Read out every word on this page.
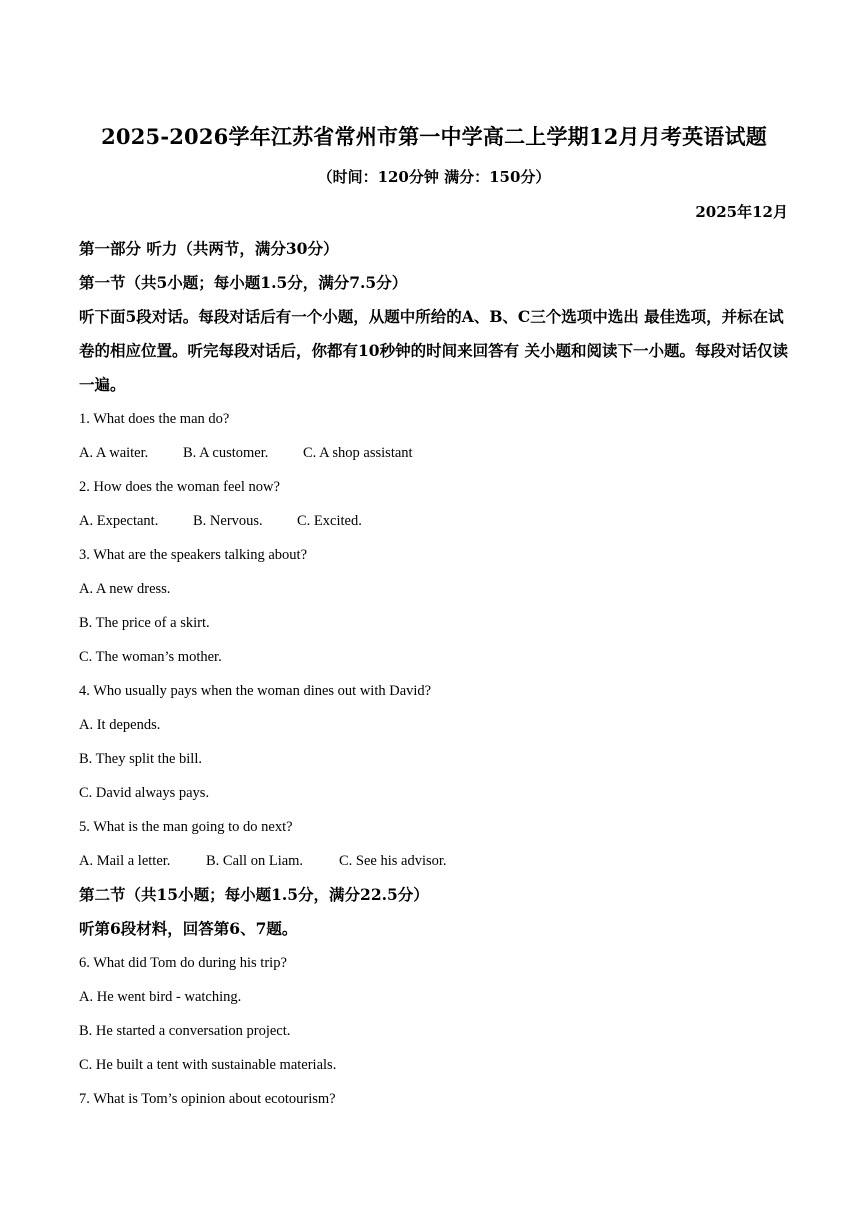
2025-2026学年江苏省常州市第一中学高二上学期12月月考英语试题
（时间：120分钟 满分：150分）
2025年12月
第一部分 听力（共两节，满分30分）
第一节（共5小题；每小题1.5分，满分7.5分）

听下面5段对话。每段对话后有一个小题，从题中所给的A、B、C三个选项中选出 最佳选项，并标在试卷的相应位置。听完每段对话后，你都有10秒钟的时间来回答有 关小题和阅读下一小题。每段对话仅读一遍。

1. What does the man do?
A. A waiter. B. A customer. C. A shop assistant
2. How does the woman feel now?
A. Expectant. B. Nervous. C. Excited.
3. What are the speakers talking about?
A. A new dress.
B. The price of a skirt.
C. The woman’s mother.
4. Who usually pays when the woman dines out with David?
A. It depends.
B. They split the bill.
C. David always pays.
5. What is the man going to do next?
A. Mail a letter. B. Call on Liam. C. See his advisor.
第二节（共15小题；每小题1.5分，满分22.5分）
听第6段材料，回答第6、7题。
6. What did Tom do during his trip?
A. He went bird - watching.
B. He started a conversation project.
C. He built a tent with sustainable materials.
7. What is Tom’s opinion about ecotourism?
